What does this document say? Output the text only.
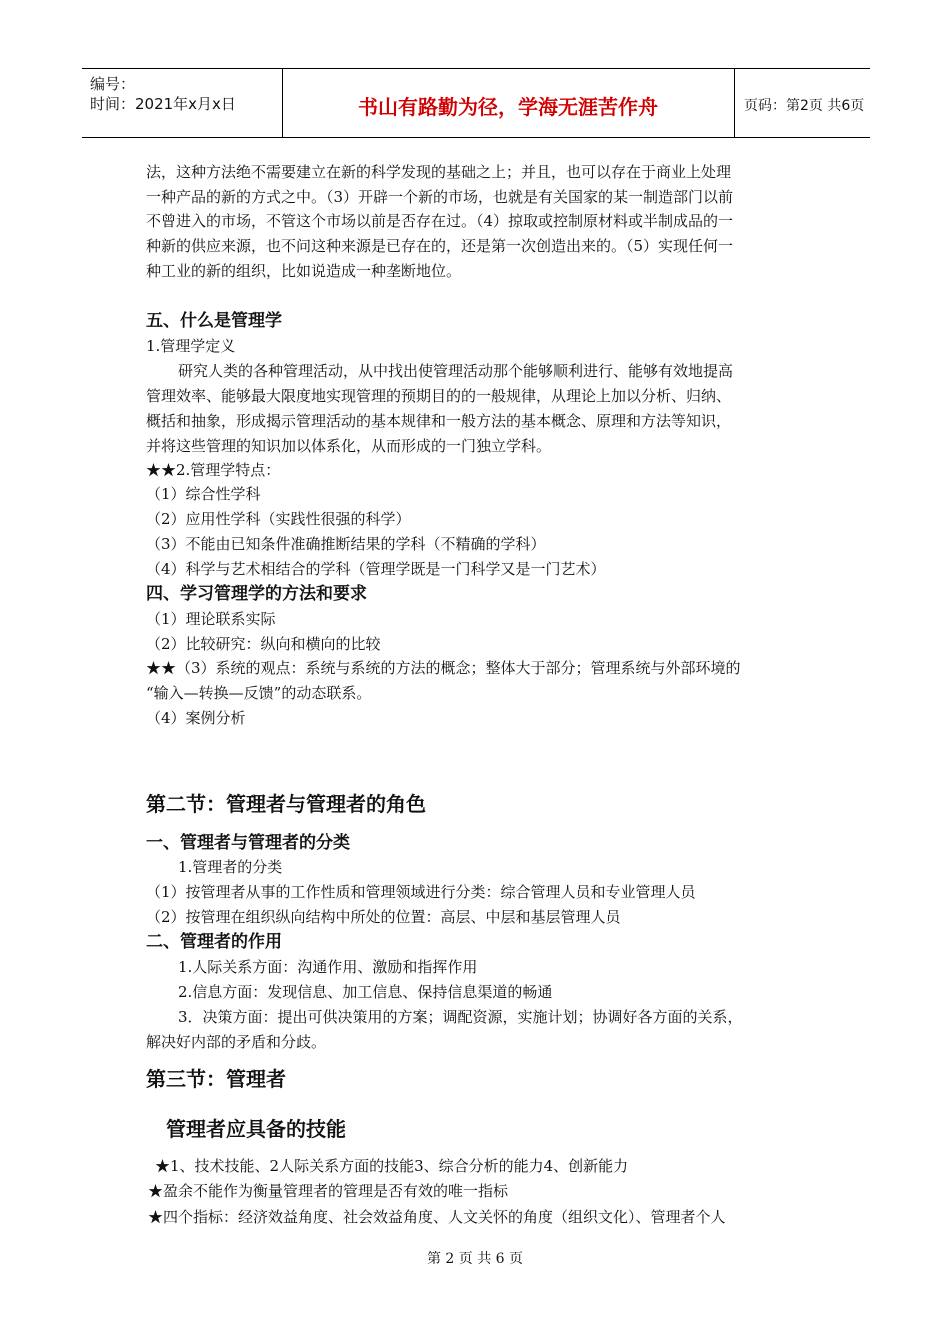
编号：
时间：2021年x月x日	书山有路勤为径，学海无涯苦作舟	页码：第2页 共6页
法，这种方法绝不需要建立在新的科学发现的基础之上；并且，也可以存在于商业上处理
一种产品的新的方式之中。（3）开辟一个新的市场，也就是有关国家的某一制造部门以前
不曾进入的市场，不管这个市场以前是否存在过。（4）掠取或控制原材料或半制成品的一
种新的供应来源，也不问这种来源是已存在的，还是第一次创造出来的。（5）实现任何一
种工业的新的组织，比如说造成一种垄断地位。
五、什么是管理学
1.管理学定义
研究人类的各种管理活动，从中找出使管理活动那个能够顺利进行、能够有效地提高
管理效率、能够最大限度地实现管理的预期目的的一般规律，从理论上加以分析、归纳、
概括和抽象，形成揭示管理活动的基本规律和一般方法的基本概念、原理和方法等知识，
并将这些管理的知识加以体系化，从而形成的一门独立学科。
★★2.管理学特点：
（1）综合性学科
（2）应用性学科（实践性很强的科学）
（3）不能由已知条件准确推断结果的学科（不精确的学科）
（4）科学与艺术相结合的学科（管理学既是一门科学又是一门艺术）
四、学习管理学的方法和要求
（1）理论联系实际
（2）比较研究：纵向和横向的比较
★★（3）系统的观点：系统与系统的方法的概念；整体大于部分；管理系统与外部环境的
“输入—转换—反馈”的动态联系。
（4）案例分析
第二节：管理者与管理者的角色
一、管理者与管理者的分类
1.管理者的分类
（1）按管理者从事的工作性质和管理领域进行分类：综合管理人员和专业管理人员
（2）按管理在组织纵向结构中所处的位置：高层、中层和基层管理人员
二、管理者的作用
1.人际关系方面：沟通作用、激励和指挥作用
2.信息方面：发现信息、加工信息、保持信息渠道的畅通
3．决策方面：提出可供决策用的方案；调配资源，实施计划；协调好各方面的关系，
解决好内部的矛盾和分歧。
第三节：管理者
管理者应具备的技能
★1、技术技能、2人际关系方面的技能3、综合分析的能力4、创新能力
★盈余不能作为衡量管理者的管理是否有效的唯一指标
★四个指标：经济效益角度、社会效益角度、人文关怀的角度（组织文化）、管理者个人
第 2 页 共 6 页
